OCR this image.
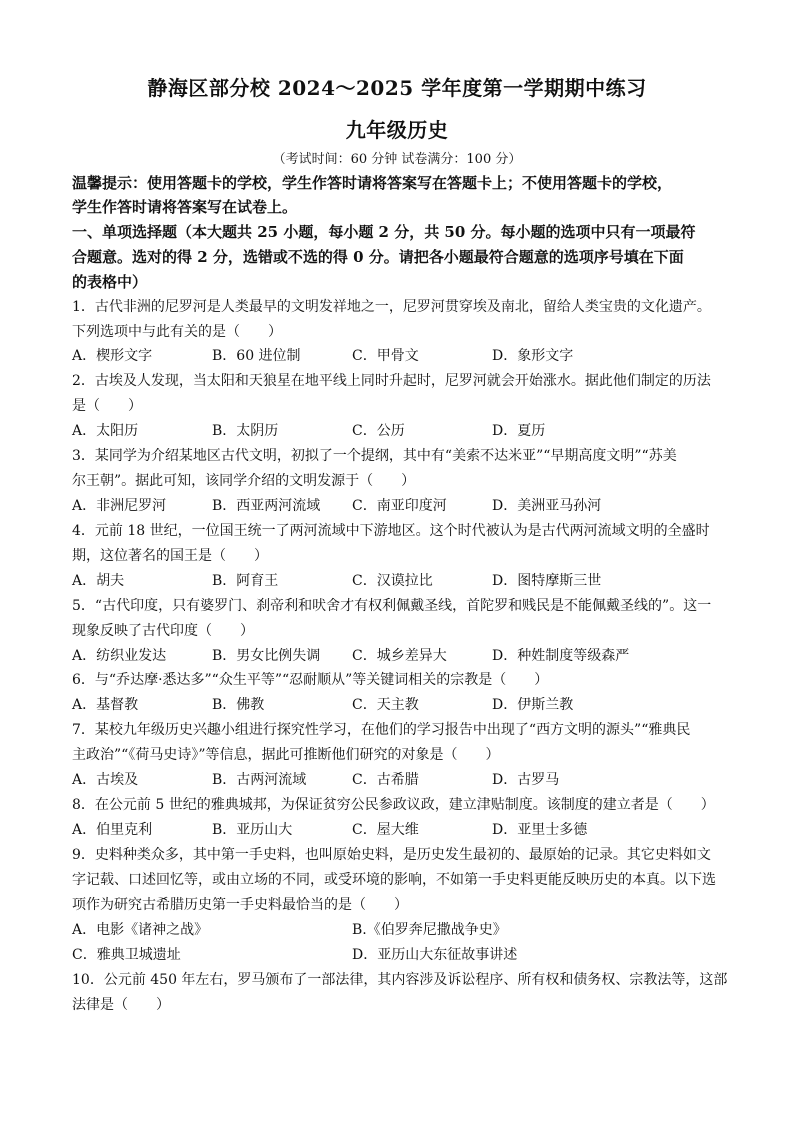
静海区部分校 2024～2025 学年度第一学期期中练习
九年级历史
（考试时间：60 分钟 试卷满分：100 分）
温馨提示：使用答题卡的学校，学生作答时请将答案写在答题卡上；不使用答题卡的学校，
学生作答时请将答案写在试卷上。
一、单项选择题（本大题共 25 小题，每小题 2 分，共 50 分。每小题的选项中只有一项最符
合题意。选对的得 2 分，选错或不选的得 0 分。请把各小题最符合题意的选项序号填在下面
的表格中）
1．古代非洲的尼罗河是人类最早的文明发祥地之一，尼罗河贯穿埃及南北，留给人类宝贵的文化遗产。
下列选项中与此有关的是（　　）
A．楔形文字	B．60 进位制	C．甲骨文	D．象形文字
2．古埃及人发现，当太阳和天狼星在地平线上同时升起时，尼罗河就会开始涨水。据此他们制定的历法
是（　　）
A．太阳历	B．太阴历	C．公历	D．夏历
3．某同学为介绍某地区古代文明，初拟了一个提纲，其中有“美索不达米亚”“早期高度文明”“苏美
尔王朝”。据此可知，该同学介绍的文明发源于（　　）
A．非洲尼罗河	B．西亚两河流域 C．南亚印度河	D．美洲亚马孙河
4．元前 18 世纪，一位国王统一了两河流域中下游地区。这个时代被认为是古代两河流域文明的全盛时
期，这位著名的国王是（　　）
A．胡夫	B．阿育王	C．汉谟拉比	D．图特摩斯三世
5．“古代印度，只有婆罗门、刹帝利和吠舍才有权利佩戴圣线，首陀罗和贱民是不能佩戴圣线的”。这一
现象反映了古代印度（　　）
A．纺织业发达	B．男女比例失调 C．城乡差异大	D．种姓制度等级森严
6．与“乔达摩·悉达多”“众生平等”“忍耐顺从”等关键词相关的宗教是（　　）
A．基督教	B．佛教	C．天主教	D．伊斯兰教
7．某校九年级历史兴趣小组进行探究性学习，在他们的学习报告中出现了“西方文明的源头”“雅典民
主政治”“《荷马史诗》”等信息，据此可推断他们研究的对象是（　　）
A．古埃及	B．古两河流域	C．古希腊	D．古罗马
8．在公元前 5 世纪的雅典城邦，为保证贫穷公民参政议政，建立津贴制度。该制度的建立者是（　　）
A．伯里克利	B．亚历山大	C．屋大维	D．亚里士多德
9．史料种类众多，其中第一手史料，也叫原始史料，是历史发生最初的、最原始的记录。其它史料如文
字记载、口述回忆等，或由立场的不同，或受环境的影响，不如第一手史料更能反映历史的本真。以下选
项作为研究古希腊历史第一手史料最恰当的是（　　）
A．电影《诸神之战》	B.《伯罗奔尼撒战争史》
C．雅典卫城遗址	D．亚历山大东征故事讲述
10．公元前 450 年左右，罗马颁布了一部法律，其内容涉及诉讼程序、所有权和债务权、宗教法等，这部
法律是（　　）
